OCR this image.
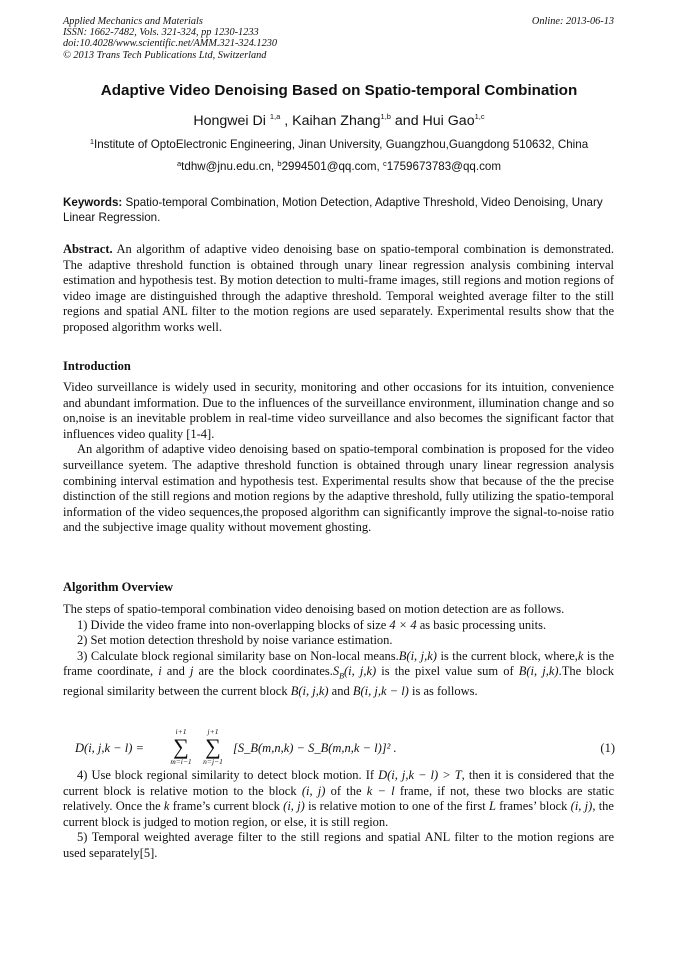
Applied Mechanics and Materials
ISSN: 1662-7482, Vols. 321-324, pp 1230-1233
doi:10.4028/www.scientific.net/AMM.321-324.1230
© 2013 Trans Tech Publications Ltd, Switzerland
Online: 2013-06-13
Adaptive Video Denoising Based on Spatio-temporal Combination
Hongwei Di $^{1,a}$ , Kaihan Zhang$^{1,b}$ and Hui Gao$^{1,c}$
$^1$Institute of OptoElectronic Engineering, Jinan University, Guangzhou,Guangdong 510632, China
$^a$tdhw@jnu.edu.cn, $^b$2994501@qq.com, $^c$1759673783@qq.com
Keywords: Spatio-temporal Combination, Motion Detection, Adaptive Threshold, Video Denoising, Unary Linear Regression.
Abstract. An algorithm of adaptive video denoising base on spatio-temporal combination is demonstrated. The adaptive threshold function is obtained through unary linear regression analysis combining interval estimation and hypothesis test. By motion detection to multi-frame images, still regions and motion regions of video image are distinguished through the adaptive threshold. Temporal weighted average filter to the still regions and spatial ANL filter to the motion regions are used separately. Experimental results show that the proposed algorithm works well.
Introduction
Video surveillance is widely used in security, monitoring and other occasions for its intuition, convenience and abundant imformation. Due to the influences of the surveillance environment, illumination change and so on,noise is an inevitable problem in real-time video surveillance and also becomes the significant factor that influences video quality [1-4].
An algorithm of adaptive video denoising based on spatio-temporal combination is proposed for the video surveillance syetem. The adaptive threshold function is obtained through unary linear regression analysis combining interval estimation and hypothesis test. Experimental results show that because of the the precise distinction of the still regions and motion regions by the adaptive threshold, fully utilizing the spatio-temporal information of the video sequences,the proposed algorithm can significantly improve the signal-to-noise ratio and the subjective image quality without movement ghosting.
Algorithm Overview
The steps of spatio-temporal combination video denoising based on motion detection are as follows.
1) Divide the video frame into non-overlapping blocks of size 4 × 4 as basic processing units.
2) Set motion detection threshold by noise variance estimation.
3) Calculate block regional similarity base on Non-local means.B(i, j,k) is the current block, where,k is the frame coordinate, i and j are the block $coordinates.S_B(i$, j,k) is the pixel value sum of B(i, j,k).The block regional similarity between the current block B(i, j,k) and B(i, j,k − l) is as follows.
D(i, j,k − l) =
i+1
∑
m=i−1
j+1
∑
n=j−1
[S_B(m,n,k) − S_B(m,n,k − l)]² .	(1)
4) Use block regional similarity to detect block motion. If D(i, j,k − l) > T, then it is considered that the current block is relative motion to the block (i, j) of the k − l frame, if not, these two blocks are static relatively. Once the k frame’s current block (i, j) is relative motion to one of the first L frames’ block (i, j), the current block is judged to motion region, or else, it is still region.
5) Temporal weighted average filter to the still regions and spatial ANL filter to the motion regions are used separately[5].
